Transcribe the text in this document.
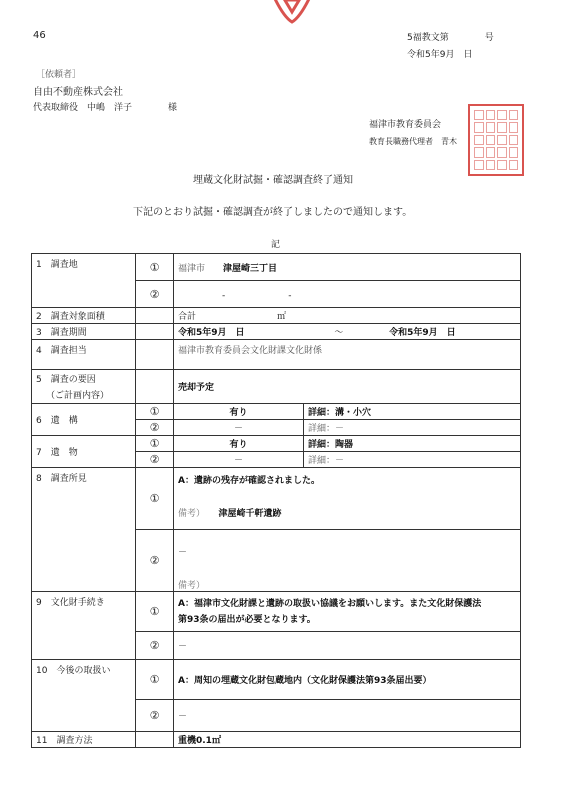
46	5福教文第　　　　号
令和5年9月　日
［依頼者］
自由不動産株式会社
代表取締役　中嶋　洋子　　　　様
福津市教育委員会
教育長職務代理者　青木
埋蔵文化財試掘・確認調査終了通知
下記のとおり試掘・確認調査が終了しましたので通知します。
記
1　 調査地	①	福津市　　 津屋崎三丁目	
	②	-　　　　　　　-	
2　 調査対象面積		合計　　　　　　　　　㎡	
3　 調査期間		令和5年9月　日 ～ 令和5年9月　日	
4　 調査担当		福津市教育委員会文化財課文化財係	

5　 調査の要因
（ご計画内容）		売却予定	
6　 遺　構	①	有り	詳細：溝・小穴
	②	－	詳細：－
7　 遺　物	①	有り	詳細：陶器
	②	－	詳細：－
8　 調査所見	①	A：遺跡の残存が確認されました。
備考）　　 津屋崎千軒遺跡	

	②	－
備考）	

9　 文化財手続き	①	A：福津市文化財課と遺跡の取扱い協議をお願いします。また文化財保護法
第93条の届出が必要となります。	

	②	－	
10　 今後の取扱い	①	A：周知の埋蔵文化財包蔵地内（文化財保護法第93条届出要）	
	②	－	
11　 調査方法		重機0.1㎡	
